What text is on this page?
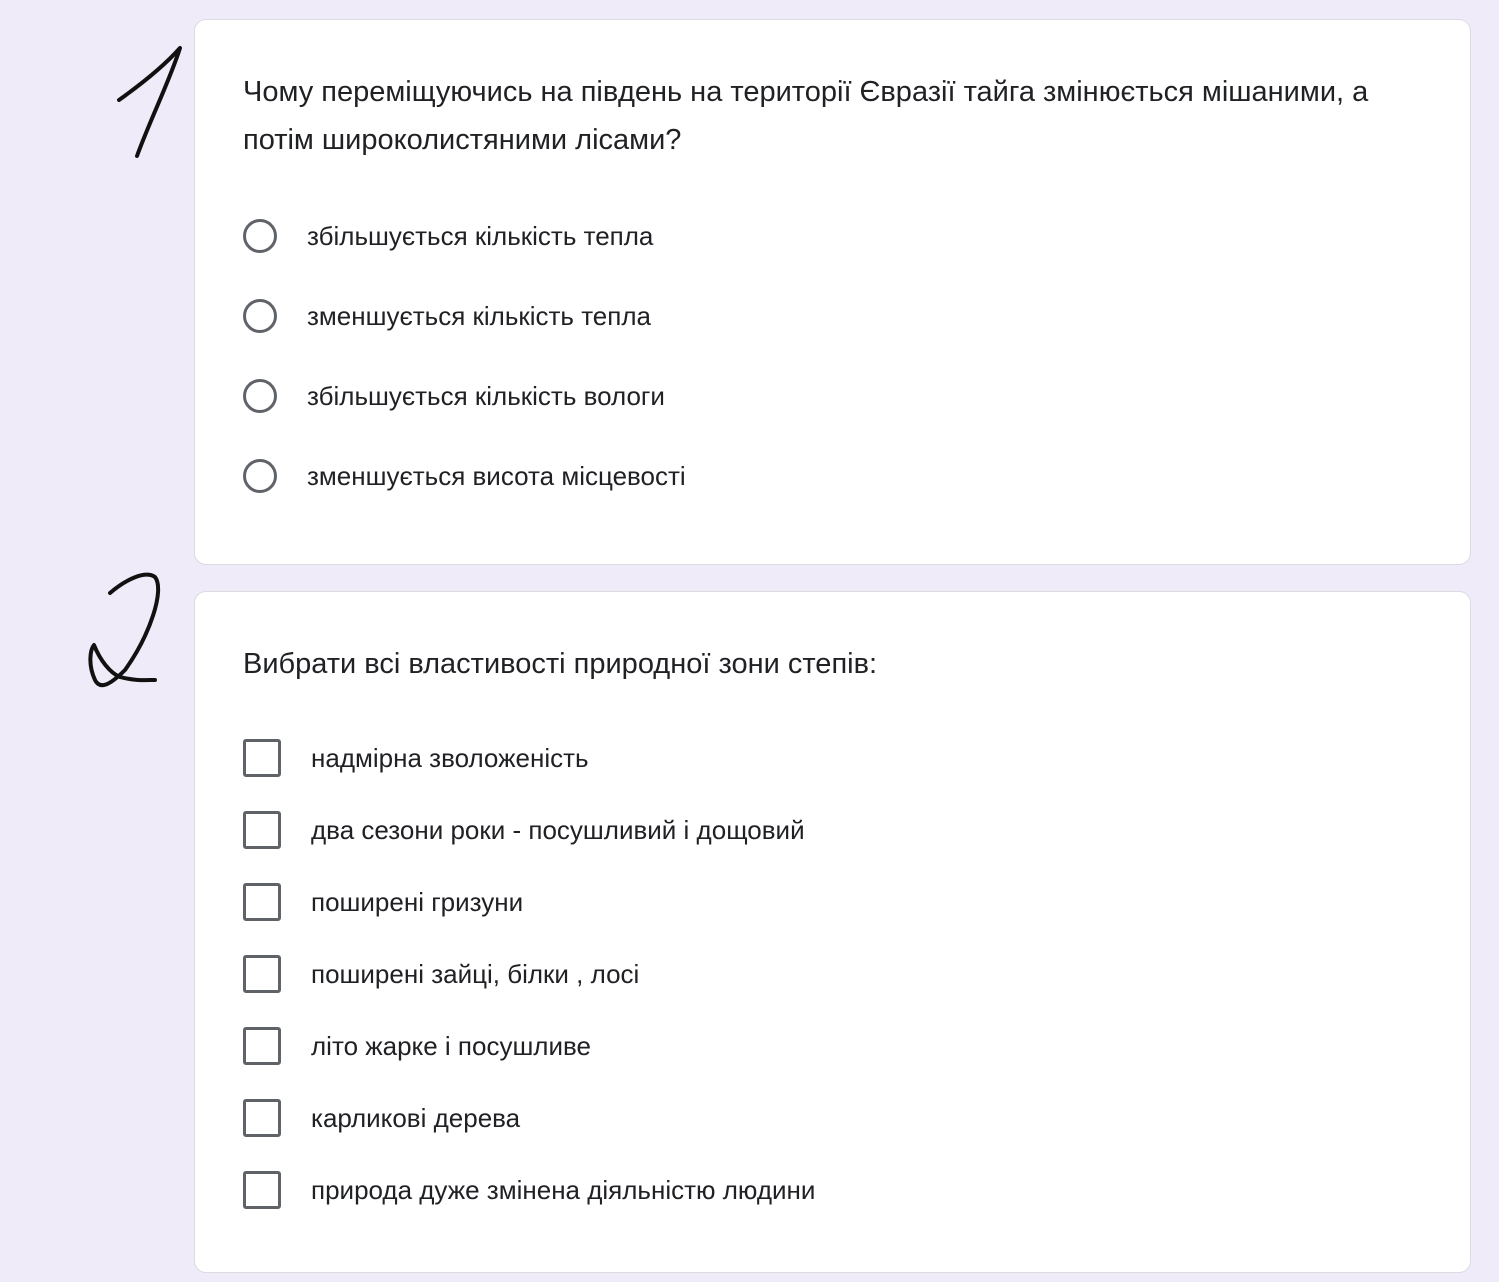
Чому переміщуючись на південь на території Євразії тайга змінюється мішаними, а потім широколистяними лісами?
збільшується кількість тепла
зменшується кількість тепла
збільшується кількість вологи
зменшується висота місцевості
Вибрати всі властивості природної зони степів:
надмірна зволоженість
два сезони роки - посушливий і дощовий
поширені гризуни
поширені зайці, білки , лосі
літо жарке і посушливе
карликові дерева
природа дуже змінена діяльністю людини
